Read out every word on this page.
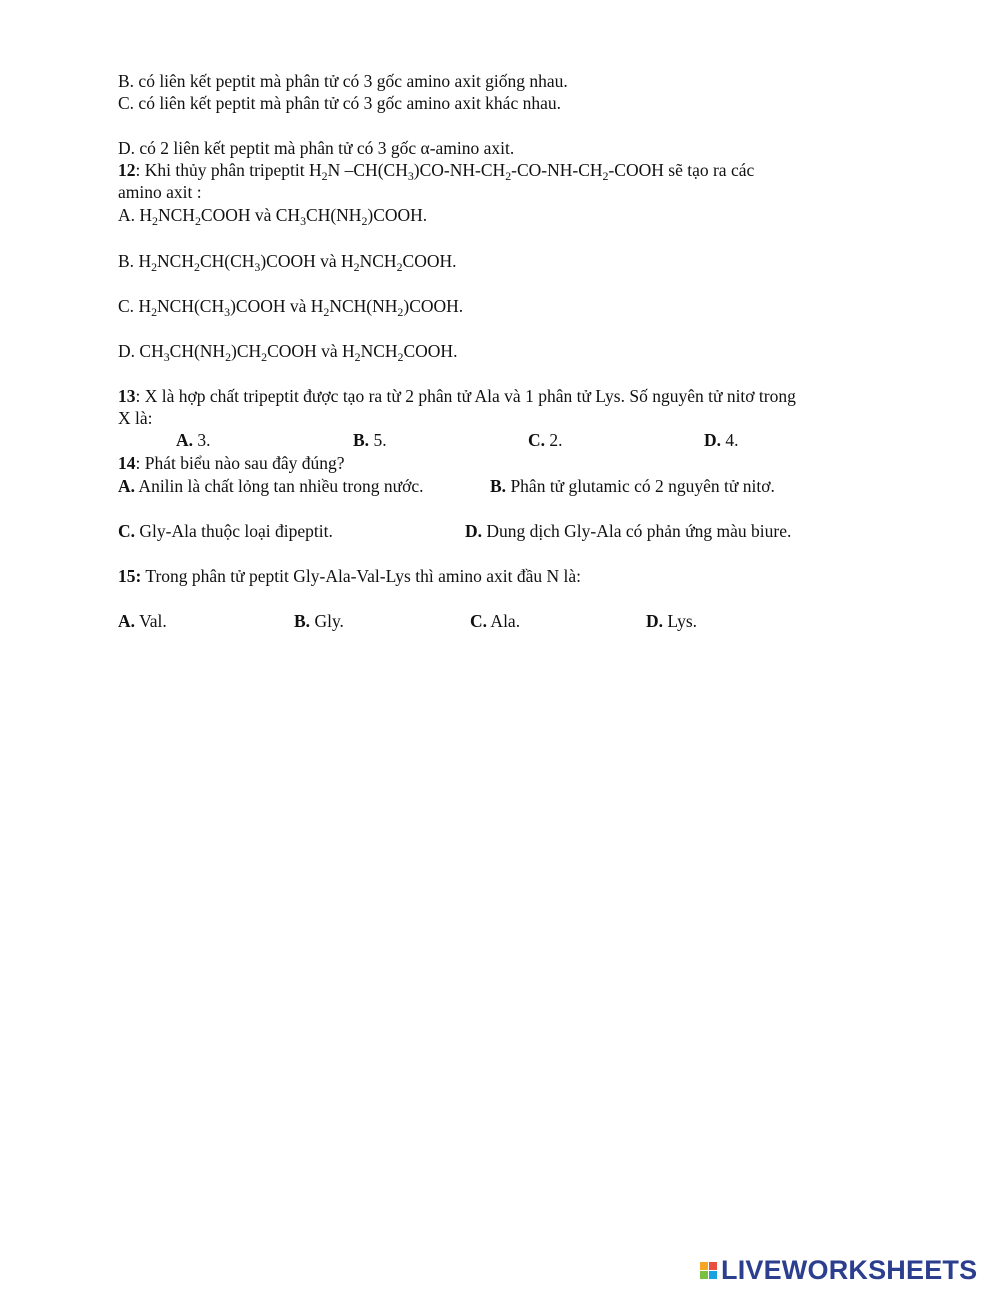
B. có liên kết peptit mà phân tử có 3 gốc amino axit giống nhau.
C. có liên kết peptit mà phân tử có 3 gốc amino axit khác nhau.
D. có 2 liên kết peptit mà phân tử có 3 gốc α-amino axit.
12: Khi thủy phân tripeptit $H_2N$ $-CH(CH_3)CO-NH-CH_2-CO-NH-CH_2$-COOH sẽ tạo ra các
amino axit :
A. $H_2NCH_2COOH$ và $CH_3CH(NH_2)COOH$.
B. $H_2NCH_2CH(CH_3)COOH$ và $H_2NCH_2COOH$.
C. $H_2NCH(CH_3)COOH$ và $H_2NCH(NH_2)COOH$.
D. $CH_3CH(NH_2)CH_2COOH$ và $H_2NCH_2COOH$.
13: X là hợp chất tripeptit được tạo ra từ 2 phân tử Ala và 1 phân tử Lys. Số nguyên tử nitơ trong
X là:
A. 3.	B. 5.	C. 2.	D. 4.
14: Phát biểu nào sau đây đúng?
A. Anilin là chất lỏng tan nhiều trong nước.	B. Phân tử glutamic có 2 nguyên tử nitơ.
C. Gly-Ala thuộc loại đipeptit.	D. Dung dịch Gly-Ala có phản ứng màu biure.
15: Trong phân tử peptit Gly-Ala-Val-Lys thì amino axit đầu N là:
A. Val.	B. Gly.	C. Ala.	D. Lys.
LIVEWORKSHEETS
